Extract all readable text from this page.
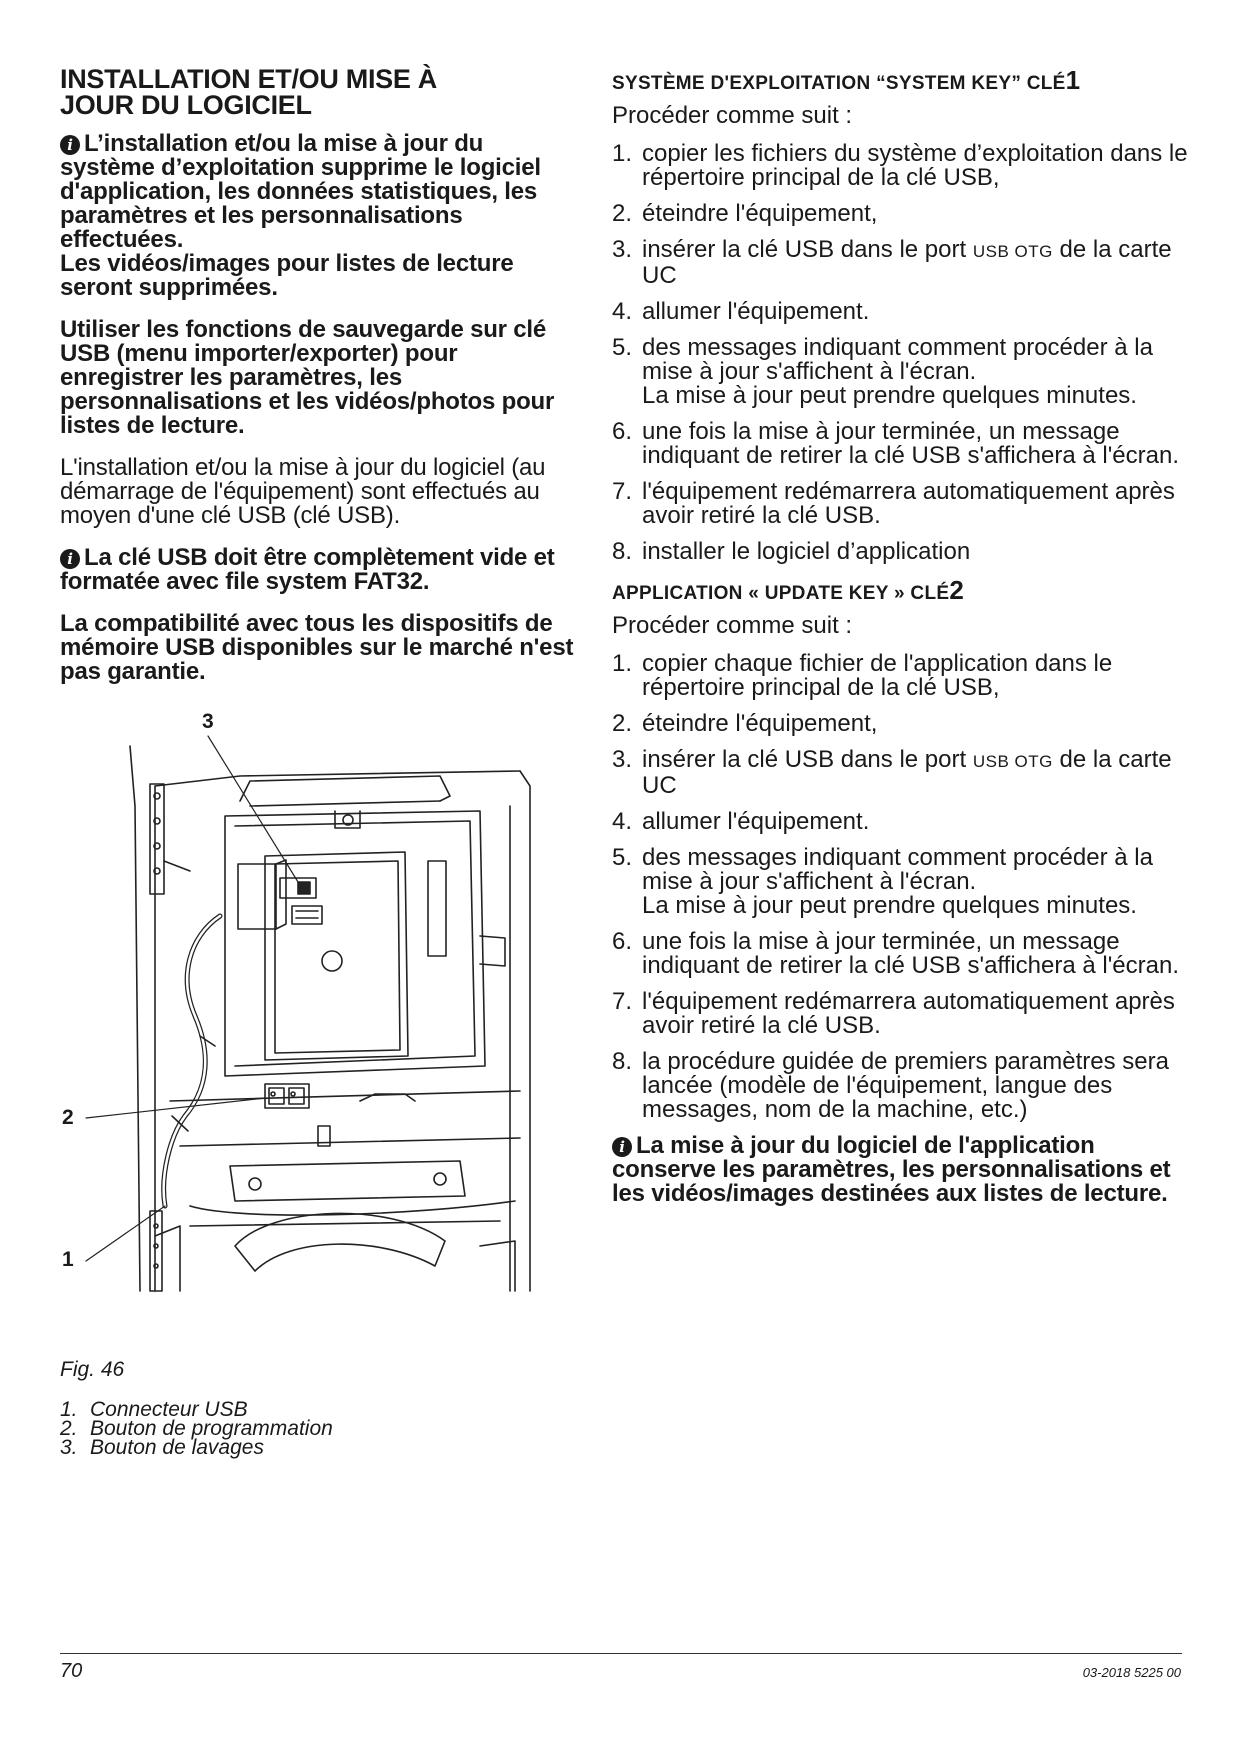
INSTALLATION ET/OU MISE À
JOUR DU LOGICIEL

i L’installation et/ou la mise à jour du système d’exploitation supprime le logiciel d'application, les données statistiques, les paramètres et les personnalisations effectuées.

Les vidéos/images pour listes de lecture seront supprimées.

Utiliser les fonctions de sauvegarde sur clé USB (menu importer/exporter) pour enregistrer les paramètres, les personnalisations et les vidéos/photos pour listes de lecture.

L'installation et/ou la mise à jour du logiciel (au démarrage de l'équipement) sont effectués au moyen d'une clé USB (clé USB).

i La clé USB doit être complètement vide et formatée avec file system FAT32.

La compatibilité avec tous les dispositifs de mémoire USB disponibles sur le marché n'est pas garantie.

3
2
1
Fig. 46
1. Connecteur USB
2. Bouton de programmation
3. Bouton de lavages
SYSTÈME D'EXPLOITATION “SYSTEM KEY” CLÉ1
Procéder comme suit :
1. copier les fichiers du système d’exploitation dans le répertoire principal de la clé USB,
2. éteindre l'équipement,
3. insérer la clé USB dans le port USB OTG de la carte UC
4. allumer l'équipement.
5. des messages indiquant comment procéder à la mise à jour s'affichent à l'écran.
La mise à jour peut prendre quelques minutes.
6. une fois la mise à jour terminée, un message indiquant de retirer la clé USB s'affichera à l'écran.
7. l'équipement redémarrera automatiquement après avoir retiré la clé USB.
8. installer le logiciel d’application
APPLICATION « UPDATE KEY » CLÉ2
Procéder comme suit :
1. copier chaque fichier de l'application dans le répertoire principal de la clé USB,
2. éteindre l'équipement,
3. insérer la clé USB dans le port USB OTG de la carte UC
4. allumer l'équipement.
5. des messages indiquant comment procéder à la mise à jour s'affichent à l'écran.
La mise à jour peut prendre quelques minutes.
6. une fois la mise à jour terminée, un message indiquant de retirer la clé USB s'affichera à l'écran.
7. l'équipement redémarrera automatiquement après avoir retiré la clé USB.
8. la procédure guidée de premiers paramètres sera lancée (modèle de l'équipement, langue des messages, nom de la machine, etc.)

i La mise à jour du logiciel de l'application conserve les paramètres, les personnalisations et les vidéos/images destinées aux listes de lecture.

70	03-2018 5225 00
